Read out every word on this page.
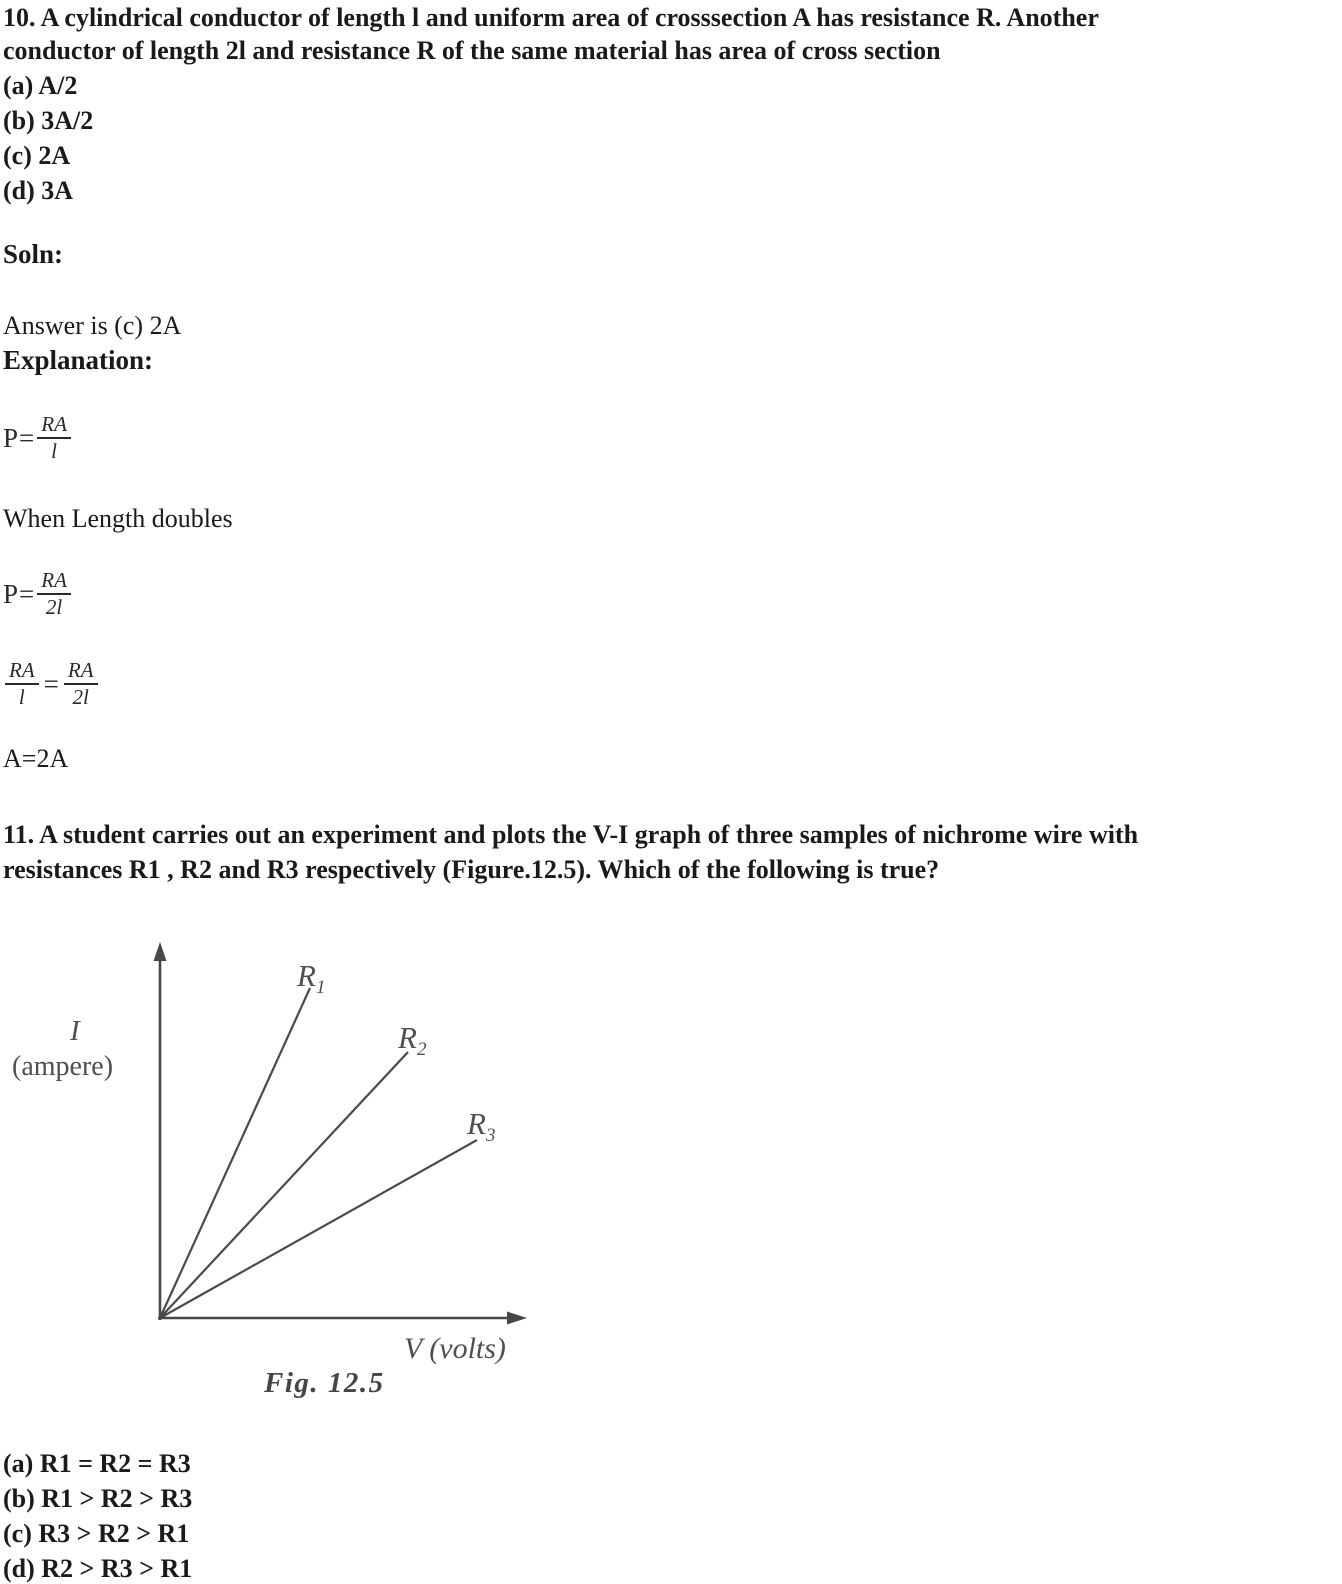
10. A cylindrical conductor of length l and uniform area of crosssection A has resistance R. Another
conductor of length 2l and resistance R of the same material has area of cross section
(a) A/2
(b) 3A/2
(c) 2A
(d) 3A
Soln:
Answer is (c) 2A
Explanation:
$P= \frac{RA}{l}$
When Length doubles
$P= \frac{RA}{2l}$
$\frac{RA}{l} = \frac{RA}{2l}$
A=2A
11. A student carries out an experiment and plots the V-I graph of three samples of nichrome wire with
resistances R1 , R2 and R3 respectively (Figure.12.5). Which of the following is true?
I
(ampere)
V (volts)
Fig. 12.5
$R_1$
$R_2$
$R_3$
(a) R1 = R2 = R3
(b) R1 > R2 > R3
(c) R3 > R2 > R1
(d) R2 > R3 > R1
